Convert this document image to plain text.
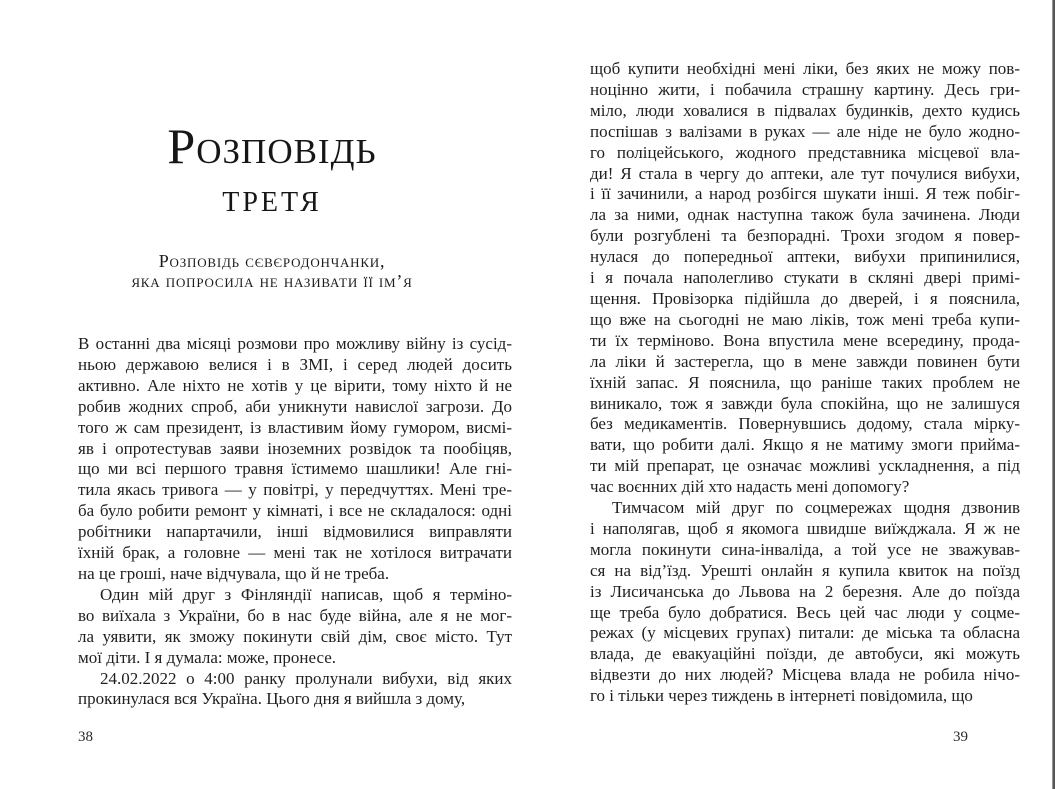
Розповідь
третя
Розповідь сєвєродончанки,
яка попросила не називати її ім’я
В останні два місяці розмови про можливу війну із сусід-
ньою державою велися і в ЗМІ, і серед людей досить
активно. Але ніхто не хотів у це вірити, тому ніхто й не
робив жодних спроб, аби уникнути навислої загрози. До
того ж сам президент, із властивим йому гумором, висмі-
яв і опротестував заяви іноземних розвідок та пообіцяв,
що ми всі першого травня їстимемо шашлики! Але гні-
тила якась тривога — у повітрі, у передчуттях. Мені тре-
ба було робити ремонт у кімнаті, і все не складалося: одні
робітники напартачили, інші відмовилися виправляти
їхній брак, а головне — мені так не хотілося витрачати
на це гроші, наче відчувала, що й не треба.
Один мій друг з Фінляндії написав, щоб я терміно-
во виїхала з України, бо в нас буде війна, але я не мог-
ла уявити, як зможу покинути свій дім, своє місто. Тут
мої діти. І я думала: може, пронесе.
24.02.2022 о 4:00 ранку пролунали вибухи, від яких
прокинулася вся Україна. Цього дня я вийшла з дому,
38
щоб купити необхідні мені ліки, без яких не можу пов-
ноцінно жити, і побачила страшну картину. Десь гри-
міло, люди ховалися в підвалах будинків, дехто кудись
поспішав з валізами в руках — але ніде не було жодно-
го поліцейського, жодного представника місцевої вла-
ди! Я стала в чергу до аптеки, але тут почулися вибухи,
і її зачинили, а народ розбігся шукати інші. Я теж побіг-
ла за ними, однак наступна також була зачинена. Люди
були розгублені та безпорадні. Трохи згодом я повер-
нулася до попередньої аптеки, вибухи припинилися,
і я почала наполегливо стукати в скляні двері примі-
щення. Провізорка підійшла до дверей, і я пояснила,
що вже на сьогодні не маю ліків, тож мені треба купи-
ти їх терміново. Вона впустила мене всередину, прода-
ла ліки й застерегла, що в мене завжди повинен бути
їхній запас. Я пояснила, що раніше таких проблем не
виникало, тож я завжди була спокійна, що не залишуся
без медикаментів. Повернувшись додому, стала мірку-
вати, що робити далі. Якщо я не матиму змоги прийма-
ти мій препарат, це означає можливі ускладнення, а під
час воєнних дій хто надасть мені допомогу?
Тимчасом мій друг по соцмережах щодня дзвонив
і наполягав, щоб я якомога швидше виїжджала. Я ж не
могла покинути сина-інваліда, а той усе не зважував-
ся на від’їзд. Урешті онлайн я купила квиток на поїзд
із Лисичанська до Львова на 2 березня. Але до поїзда
ще треба було добратися. Весь цей час люди у соцме-
режах (у місцевих групах) питали: де міська та обласна
влада, де евакуаційні поїзди, де автобуси, які можуть
відвезти до них людей? Місцева влада не робила нічо-
го і тільки через тиждень в інтернеті повідомила, що
39
